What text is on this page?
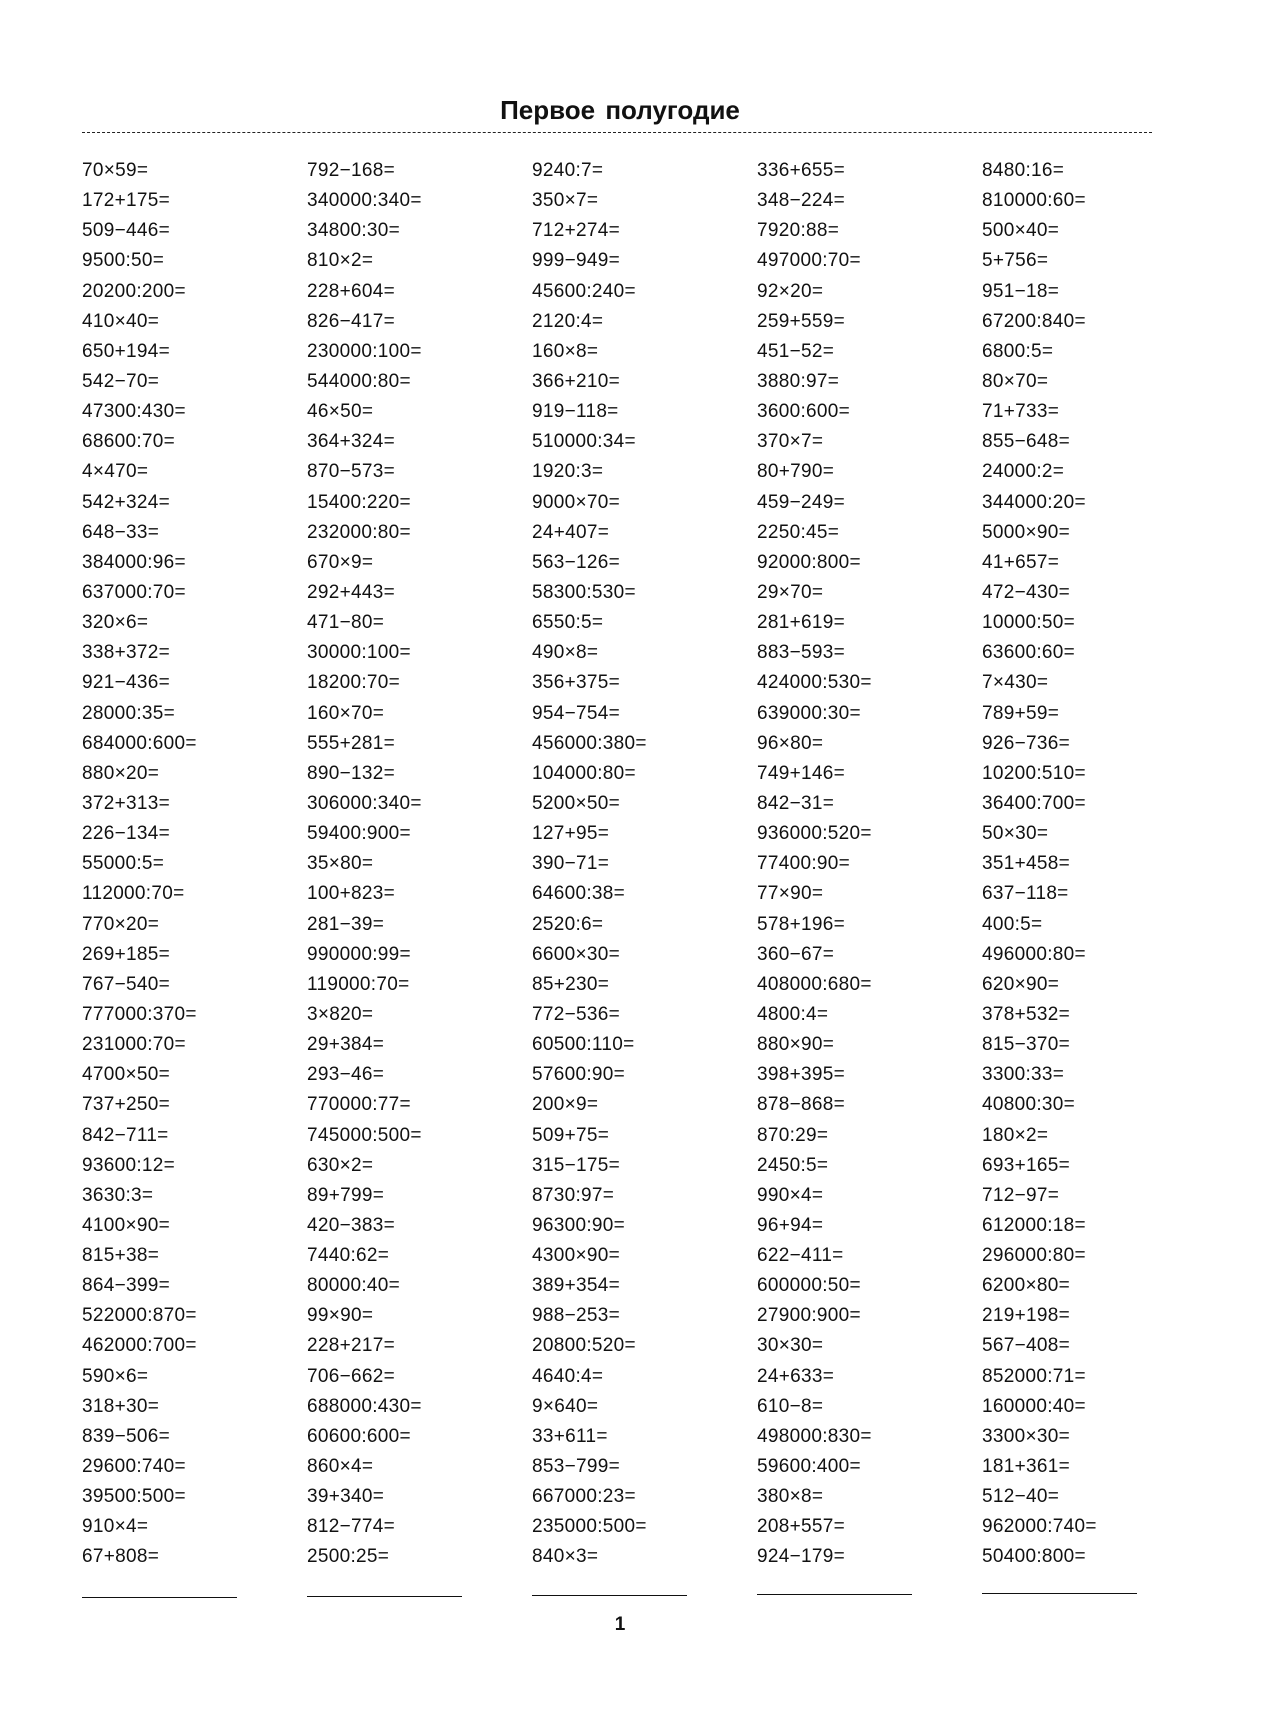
Первое полугодие
70×59=
172+175=
509−446=
9500:50=
20200:200=
410×40=
650+194=
542−70=
47300:430=
68600:70=
4×470=
542+324=
648−33=
384000:96=
637000:70=
320×6=
338+372=
921−436=
28000:35=
684000:600=
880×20=
372+313=
226−134=
55000:5=
112000:70=
770×20=
269+185=
767−540=
777000:370=
231000:70=
4700×50=
737+250=
842−711=
93600:12=
3630:3=
4100×90=
815+38=
864−399=
522000:870=
462000:700=
590×6=
318+30=
839−506=
29600:740=
39500:500=
910×4=
67+808=
792−168=
340000:340=
34800:30=
810×2=
228+604=
826−417=
230000:100=
544000:80=
46×50=
364+324=
870−573=
15400:220=
232000:80=
670×9=
292+443=
471−80=
30000:100=
18200:70=
160×70=
555+281=
890−132=
306000:340=
59400:900=
35×80=
100+823=
281−39=
990000:99=
119000:70=
3×820=
29+384=
293−46=
770000:77=
745000:500=
630×2=
89+799=
420−383=
7440:62=
80000:40=
99×90=
228+217=
706−662=
688000:430=
60600:600=
860×4=
39+340=
812−774=
2500:25=
9240:7=
350×7=
712+274=
999−949=
45600:240=
2120:4=
160×8=
366+210=
919−118=
510000:34=
1920:3=
9000×70=
24+407=
563−126=
58300:530=
6550:5=
490×8=
356+375=
954−754=
456000:380=
104000:80=
5200×50=
127+95=
390−71=
64600:38=
2520:6=
6600×30=
85+230=
772−536=
60500:110=
57600:90=
200×9=
509+75=
315−175=
8730:97=
96300:90=
4300×90=
389+354=
988−253=
20800:520=
4640:4=
9×640=
33+611=
853−799=
667000:23=
235000:500=
840×3=
336+655=
348−224=
7920:88=
497000:70=
92×20=
259+559=
451−52=
3880:97=
3600:600=
370×7=
80+790=
459−249=
2250:45=
92000:800=
29×70=
281+619=
883−593=
424000:530=
639000:30=
96×80=
749+146=
842−31=
936000:520=
77400:90=
77×90=
578+196=
360−67=
408000:680=
4800:4=
880×90=
398+395=
878−868=
870:29=
2450:5=
990×4=
96+94=
622−411=
600000:50=
27900:900=
30×30=
24+633=
610−8=
498000:830=
59600:400=
380×8=
208+557=
924−179=
8480:16=
810000:60=
500×40=
5+756=
951−18=
67200:840=
6800:5=
80×70=
71+733=
855−648=
24000:2=
344000:20=
5000×90=
41+657=
472−430=
10000:50=
63600:60=
7×430=
789+59=
926−736=
10200:510=
36400:700=
50×30=
351+458=
637−118=
400:5=
496000:80=
620×90=
378+532=
815−370=
3300:33=
40800:30=
180×2=
693+165=
712−97=
612000:18=
296000:80=
6200×80=
219+198=
567−408=
852000:71=
160000:40=
3300×30=
181+361=
512−40=
962000:740=
50400:800=
1
